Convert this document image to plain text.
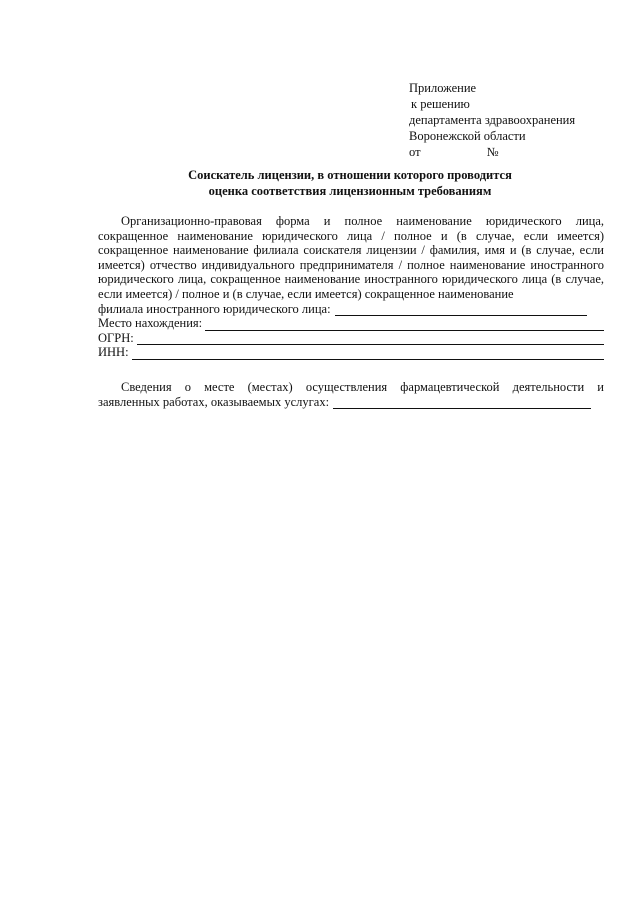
Приложение
к решению
департамента здравоохранения
Воронежской области
от	№
Соискатель лицензии, в отношении которого проводится
оценка соответствия лицензионным требованиям
Организационно-правовая форма и полное наименование юридического лица, сокращенное наименование юридического лица / полное и (в случае, если имеется) сокращенное наименование филиала соискателя лицензии / фамилия, имя и (в случае, если имеется) отчество индивидуального предпринимателя / полное наименование иностранного юридического лица, сокращенное наименование иностранного юридического лица (в случае, если имеется) / полное и (в случае, если имеется) сокращенное наименование
филиала иностранного юридического лица:
Место нахождения:
ОГРН:
ИНН:
Сведения о месте (местах) осуществления фармацевтической деятельности и
заявленных работах, оказываемых услугах:
